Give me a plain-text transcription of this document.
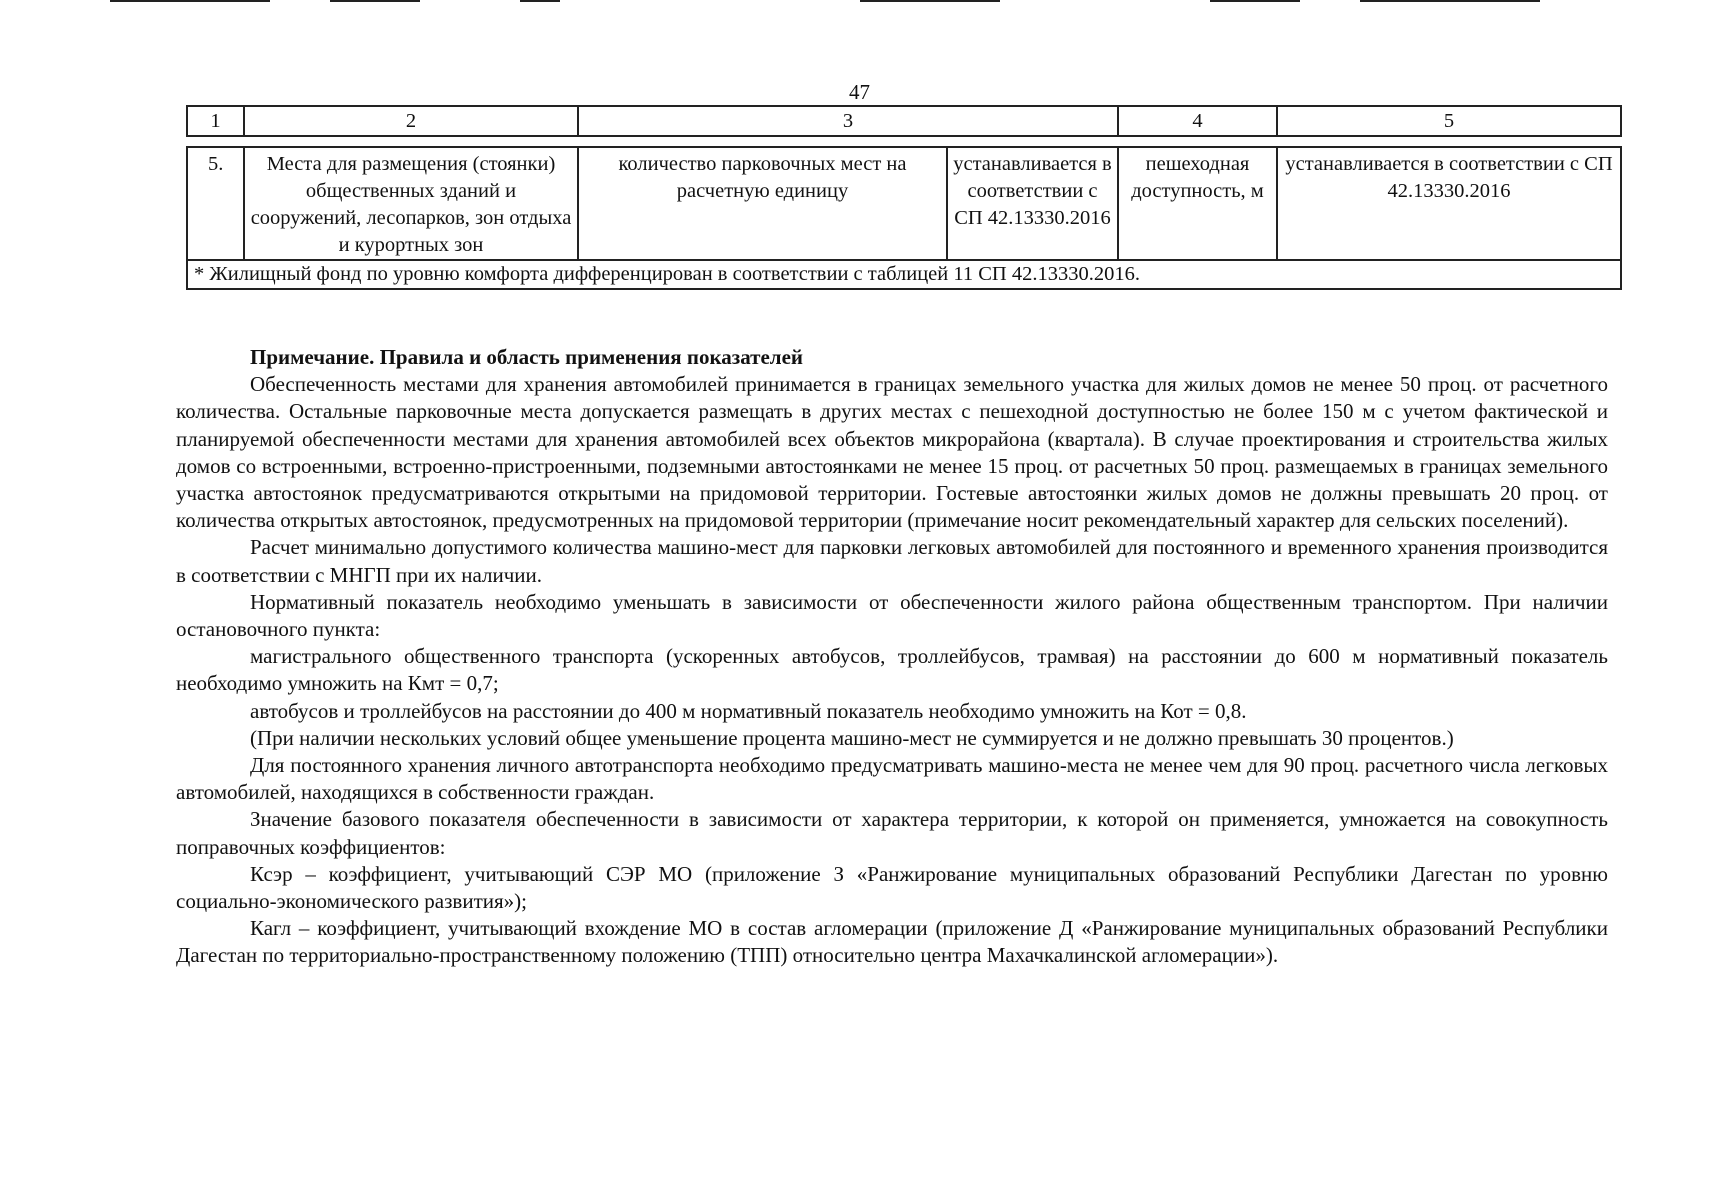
47
1	2	3	4	5
5.	Места для размещения (стоянки) общественных зданий и сооружений, лесопарков, зон отдыха и курортных зон	количество парковочных мест на расчетную единицу	устанавливается в соответствии с СП 42.13330.2016	пешеходная доступность, м	устанавливается в соответствии с СП 42.13330.2016
* Жилищный фонд по уровню комфорта дифференцирован в соответствии с таблицей 11 СП 42.13330.2016.

Примечание. Правила и область применения показателей

Обеспеченность местами для хранения автомобилей принимается в границах земельного участка для жилых домов не менее 50 проц. от расчетного количества. Остальные парковочные места допускается размещать в других местах с пешеходной доступностью не более 150 м с учетом фактической и планируемой обеспеченности местами для хранения автомобилей всех объектов микрорайона (квартала). В случае проектирования и строительства жилых домов со встроенными, встроенно-пристроенными, подземными автостоянками не менее 15 проц. от расчетных 50 проц. размещаемых в границах земельного участка автостоянок предусматриваются открытыми на придомовой территории. Гостевые автостоянки жилых домов не должны превышать 20 проц. от количества открытых автостоянок, предусмотренных на придомовой территории (примечание носит рекомендательный характер для сельских поселений).

Расчет минимально допустимого количества машино-мест для парковки легковых автомобилей для постоянного и временного хранения производится в соответствии с МНГП при их наличии.

Нормативный показатель необходимо уменьшать в зависимости от обеспеченности жилого района общественным транспортом. При наличии остановочного пункта:

магистрального общественного транспорта (ускоренных автобусов, троллейбусов, трамвая) на расстоянии до 600 м нормативный показатель необходимо умножить на Кмт = 0,7;

автобусов и троллейбусов на расстоянии до 400 м нормативный показатель необходимо умножить на Кот = 0,8.

(При наличии нескольких условий общее уменьшение процента машино-мест не суммируется и не должно превышать 30 процентов.)

Для постоянного хранения личного автотранспорта необходимо предусматривать машино-места не менее чем для 90 проц. расчетного числа легковых автомобилей, находящихся в собственности граждан.

Значение базового показателя обеспеченности в зависимости от характера территории, к которой он применяется, умножается на совокупность поправочных коэффициентов:

Ксэр – коэффициент, учитывающий СЭР МО (приложение З «Ранжирование муниципальных образований Республики Дагестан по уровню социально-экономического развития»);

Кагл – коэффициент, учитывающий вхождение МО в состав агломерации (приложение Д «Ранжирование муниципальных образований Республики Дагестан по территориально-пространственному положению (ТПП) относительно центра Махачкалинской агломерации»).
